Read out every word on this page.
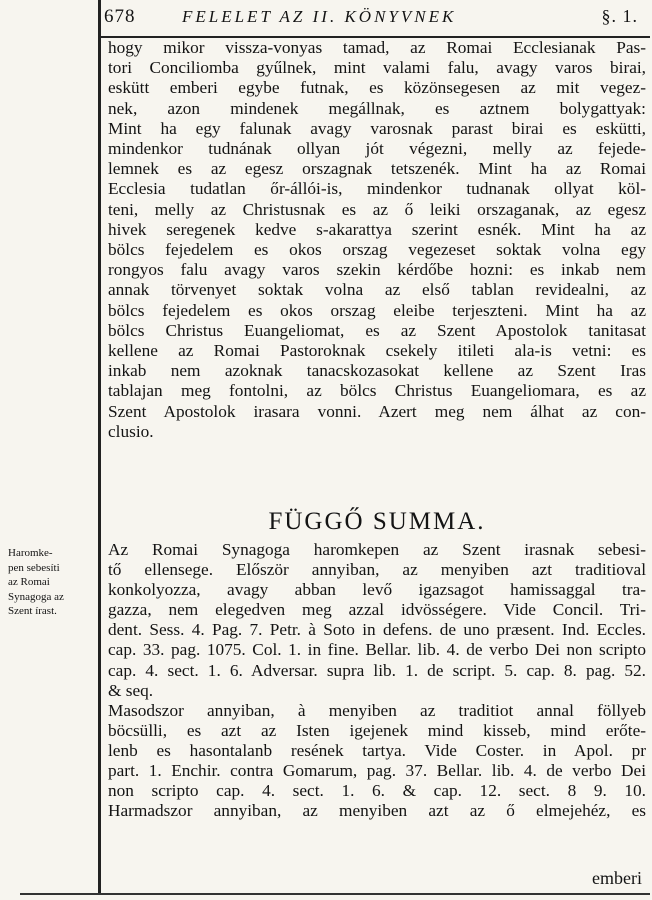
678	FELELET AZ II. KÖNYVNEK	§. 1.
hogy mikor vissza-vonyas tamad, az Romai Ecclesianak Pas-
tori Conciliomba gyűlnek, mint valami falu, avagy varos birai,
eskütt emberi egybe futnak, es közönsegesen az mit vegez-
nek, azon mindenek megállnak, es aztnem bolygattyak:
Mint ha egy falunak avagy varosnak parast birai es eskütti,
mindenkor tudnának ollyan jót végezni, melly az fejede-
lemnek es az egesz orszagnak tetszenék. Mint ha az Romai
Ecclesia tudatlan őr-állói-is, mindenkor tudnanak ollyat köl-
teni, melly az Christusnak es az ő leiki orszaganak, az egesz
hivek seregenek kedve s-akarattya szerint esnék. Mint ha az
bölcs fejedelem es okos orszag vegezeset soktak volna egy
rongyos falu avagy varos szekin kérdőbe hozni: es inkab nem
annak törvenyet soktak volna az első tablan revidealni, az
bölcs fejedelem es okos orszag eleibe terjeszteni. Mint ha az
bölcs Christus Euangeliomat, es az Szent Apostolok tanitasat
kellene az Romai Pastoroknak csekely itileti ala-is vetni: es
inkab nem azoknak tanacskozasokat kellene az Szent Iras
tablajan meg fontolni, az bölcs Christus Euangeliomara, es az
Szent Apostolok irasara vonni. Azert meg nem álhat az con-
clusio.
FÜGGŐ SUMMA.
Az Romai Synagoga haromkepen az Szent irasnak sebesi-
tő ellensege. Először annyiban, az menyiben azt traditioval
konkolyozza, avagy abban levő igazsagot hamissaggal tra-
gazza, nem elegedven meg azzal idvösségere. Vide Concil. Tri-
dent. Sess. 4. Pag. 7. Petr. à Soto in defens. de uno præsent. Ind. Eccles.
cap. 33. pag. 1075. Col. 1. in fine. Bellar. lib. 4. de verbo Dei non scripto
cap. 4. sect. 1. 6. Adversar. supra lib. 1. de script. 5. cap. 8. pag. 52.
& seq.
Masodszor annyiban, à menyiben az traditiot annal föllyeb
böcsülli, es azt az Isten igejenek mind kisseb, mind erőte-
lenb es hasontalanb resének tartya. Vide Coster. in Apol. pr
part. 1. Enchir. contra Gomarum, pag. 37. Bellar. lib. 4. de verbo Dei
non scripto cap. 4. sect. 1. 6. & cap. 12. sect. 8 9. 10.
Harmadszor annyiban, az menyiben azt az ő elmejehéz, es
Haromke-
pen sebesíti
az Romai
Synagoga az
Szent írast.
emberi
